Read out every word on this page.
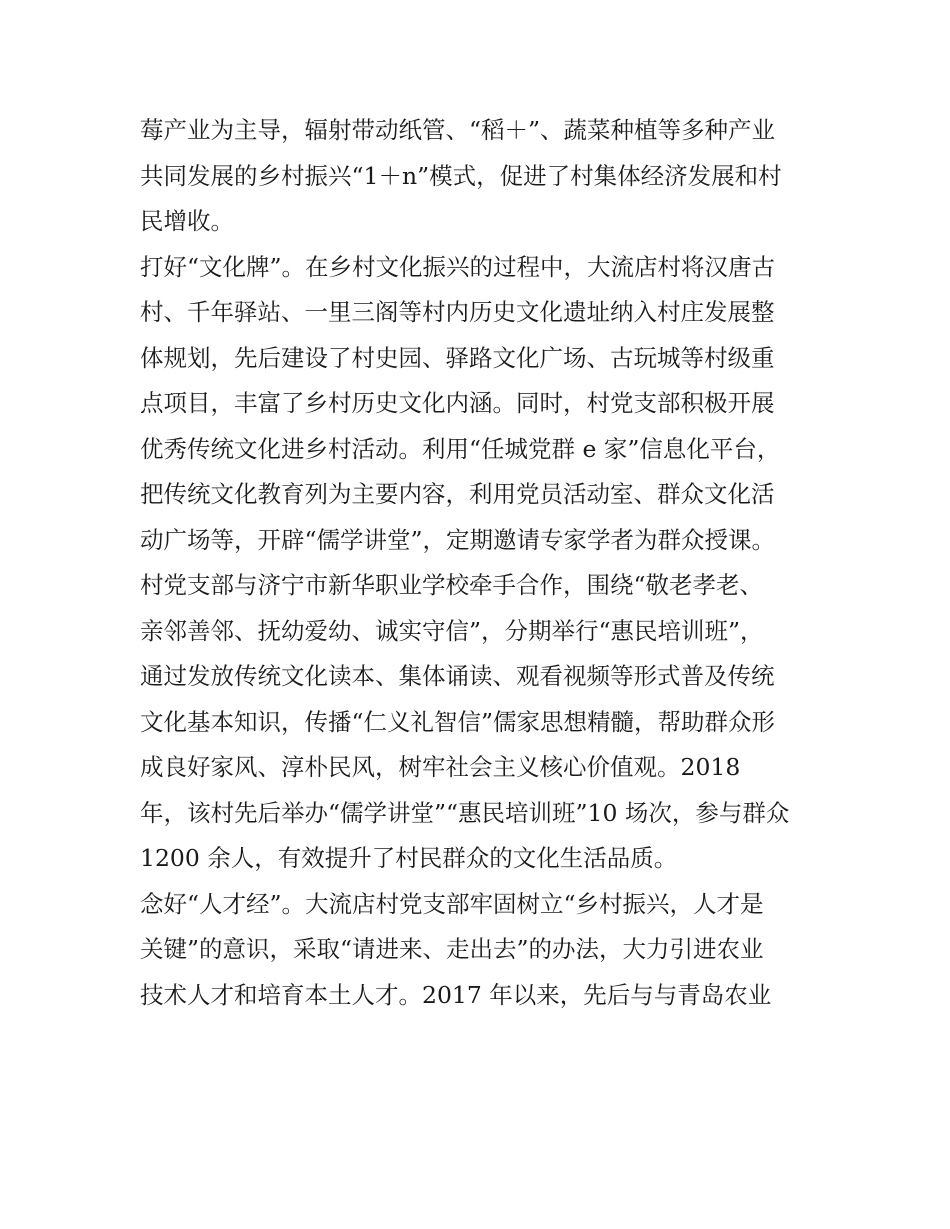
莓产业为主导，辐射带动纸管、“稻＋”、蔬菜种植等多种产业
共同发展的乡村振兴“1＋n”模式，促进了村集体经济发展和村
民增收。
打好“文化牌”。在乡村文化振兴的过程中，大流店村将汉唐古
村、千年驿站、一里三阁等村内历史文化遗址纳入村庄发展整
体规划，先后建设了村史园、驿路文化广场、古玩城等村级重
点项目，丰富了乡村历史文化内涵。同时，村党支部积极开展
优秀传统文化进乡村活动。利用“任城党群 e 家”信息化平台，
把传统文化教育列为主要内容，利用党员活动室、群众文化活
动广场等，开辟“儒学讲堂”，定期邀请专家学者为群众授课。
村党支部与济宁市新华职业学校牵手合作，围绕“敬老孝老、
亲邻善邻、抚幼爱幼、诚实守信”，分期举行“惠民培训班”，
通过发放传统文化读本、集体诵读、观看视频等形式普及传统
文化基本知识，传播“仁义礼智信”儒家思想精髓，帮助群众形
成良好家风、淳朴民风，树牢社会主义核心价值观。2018
年，该村先后举办“儒学讲堂”“惠民培训班”10 场次，参与群众
1200 余人，有效提升了村民群众的文化生活品质。
念好“人才经”。大流店村党支部牢固树立“乡村振兴，人才是
关键”的意识，采取“请进来、走出去”的办法，大力引进农业
技术人才和培育本土人才。2017 年以来，先后与与青岛农业
